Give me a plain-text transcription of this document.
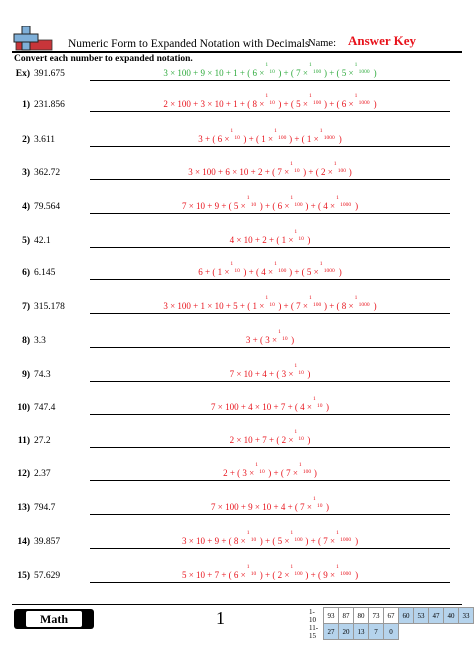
Numeric Form to Expanded Notation with Decimals
Name: Answer Key
Convert each number to expanded notation.
Ex) 391.675	3 × 100 + 9 × 10 + 1 + ( 6 ×
1
10 ) + ( 7 ×
1
100 ) + ( 5 ×
1
1000 )
1) 231.856	2 × 100 + 3 × 10 + 1 + ( 8 ×
1
10 ) + ( 5 ×
1
100 ) + ( 6 ×
1
1000 )
2) 3.611	3 + ( 6 ×
1
10 ) + ( 1 ×
1
100 ) + ( 1 ×
1
1000 )
3) 362.72	3 × 100 + 6 × 10 + 2 + ( 7 ×
1
10 ) + ( 2 ×
1
100 )
4) 79.564	7 × 10 + 9 + ( 5 ×
1
10 ) + ( 6 ×
1
100 ) + ( 4 ×
1
1000 )
5) 42.1	4 × 10 + 2 + ( 1 ×
1
10 )
6) 6.145	6 + ( 1 ×
1
10 ) + ( 4 ×
1
100 ) + ( 5 ×
1
1000 )
7) 315.178	3 × 100 + 1 × 10 + 5 + ( 1 ×
1
10 ) + ( 7 ×
1
100 ) + ( 8 ×
1
1000 )
8) 3.3	3 + ( 3 ×
1
10 )
9) 74.3	7 × 10 + 4 + ( 3 ×
1
10 )
10) 747.4	7 × 100 + 4 × 10 + 7 + ( 4 ×
1
10 )
11) 27.2	2 × 10 + 7 + ( 2 ×
1
10 )
12) 2.37	2 + ( 3 ×
1
10 ) + ( 7 ×
1
100 )
13) 794.7	7 × 100 + 9 × 10 + 4 + ( 7 ×
1
10 )
14) 39.857	3 × 10 + 9 + ( 8 ×
1
10 ) + ( 5 ×
1
100 ) + ( 7 ×
1
1000 )
15) 57.629	5 × 10 + 7 + ( 6 ×
1
10 ) + ( 2 ×
1
100 ) + ( 9 ×
1
1000 )
Math	1	1-10	93	87	80	73	67	60	53	47	40	33
11-15	27	20	13	7	0					
